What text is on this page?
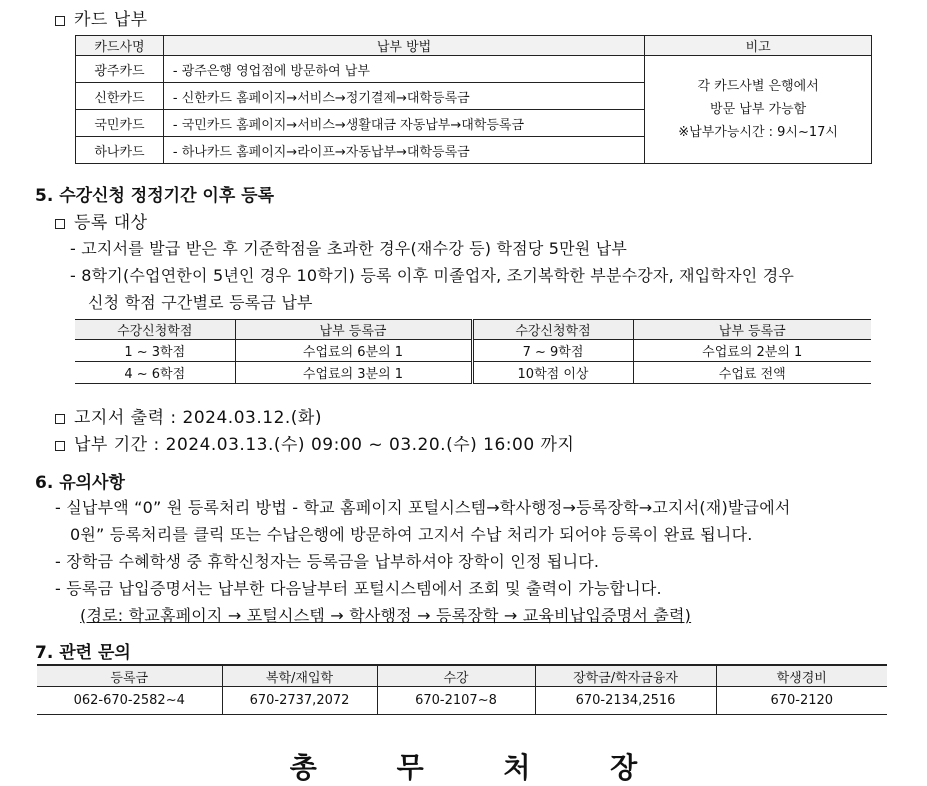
카드 납부
카드사명	납부 방법	비고
광주카드	- 광주은행 영업점에 방문하여 납부	각 카드사별 은행에서
방문 납부 가능함
※납부가능시간 : 9시~17시

신한카드	- 신한카드 홈페이지→서비스→정기결제→대학등록금	
국민카드	- 국민카드 홈페이지→서비스→생활대금 자동납부→대학등록금	
하나카드	- 하나카드 홈페이지→라이프→자동납부→대학등록금	
5. 수강신청 정정기간 이후 등록
등록 대상
- 고지서를 발급 받은 후 기준학점을 초과한 경우(재수강 등) 학점당 5만원 납부
- 8학기(수업연한이 5년인 경우 10학기) 등록 이후 미졸업자, 조기복학한 부분수강자, 재입학자인 경우
신청 학점 구간별로 등록금 납부
수강신청학점	납부 등록금	수강신청학점	납부 등록금
1 ~ 3학점	수업료의 6분의 1	7 ~ 9학점	수업료의 2분의 1
4 ~ 6학점	수업료의 3분의 1	10학점 이상	수업료 전액
고지서 출력 : 2024.03.12.(화)
납부 기간 : 2024.03.13.(수) 09:00 ~ 03.20.(수) 16:00 까지
6. 유의사항
- 실납부액 “0” 원 등록처리 방법 - 학교 홈페이지 포털시스템→학사행정→등록장학→고지서(재)발급에서
0원” 등록처리를 클릭 또는 수납은행에 방문하여 고지서 수납 처리가 되어야 등록이 완료 됩니다.
- 장학금 수혜학생 중 휴학신청자는 등록금을 납부하셔야 장학이 인정 됩니다.
- 등록금 납입증명서는 납부한 다음날부터 포털시스템에서 조회 및 출력이 가능합니다.
(경로: 학교홈페이지 → 포털시스템 → 학사행정 → 등록장학 → 교육비납입증명서 출력)
7. 관련 문의
등록금	복학/재입학	수강	장학금/학자금융자	학생경비
062-670-2582~4	670-2737,2072	670-2107~8	670-2134,2516	670-2120
총 무 처 장
